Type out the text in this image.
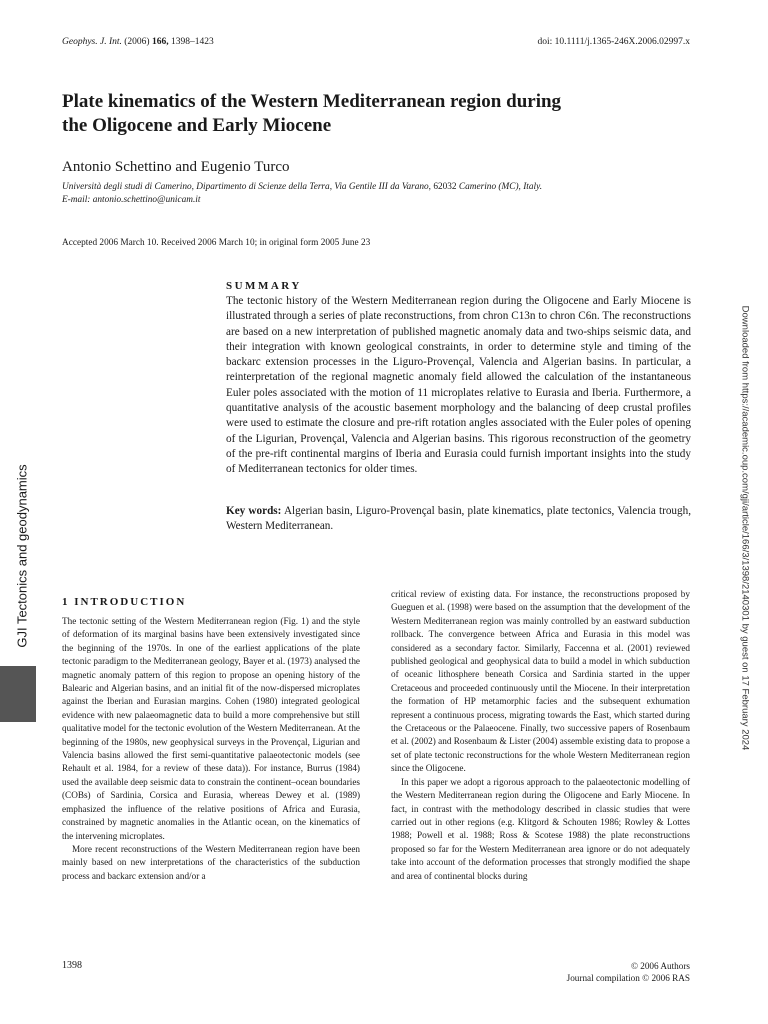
Geophys. J. Int. (2006) 166, 1398–1423	doi: 10.1111/j.1365-246X.2006.02997.x
Plate kinematics of the Western Mediterranean region during
the Oligocene and Early Miocene
Antonio Schettino and Eugenio Turco
Università degli studi di Camerino, Dipartimento di Scienze della Terra, Via Gentile III da Varano, 62032 Camerino (MC), Italy.
E-mail: antonio.schettino@unicam.it
Accepted 2006 March 10. Received 2006 March 10; in original form 2005 June 23
SUMMARY

The tectonic history of the Western Mediterranean region during the Oligocene and Early Miocene is illustrated through a series of plate reconstructions, from chron C13n to chron C6n. The reconstructions are based on a new interpretation of published magnetic anomaly data and two-ships seismic data, and their integration with known geological constraints, in order to determine style and timing of the backarc extension processes in the Liguro-Provençal, Valencia and Algerian basins. In particular, a reinterpretation of the regional magnetic anomaly field allowed the calculation of the instantaneous Euler poles associated with the motion of 11 microplates relative to Eurasia and Iberia. Furthermore, a quantitative analysis of the acoustic basement morphology and the balancing of deep crustal profiles were used to estimate the closure and pre-rift rotation angles associated with the Euler poles of opening of the Ligurian, Provençal, Valencia and Algerian basins. This rigorous reconstruction of the geometry of the pre-rift continental margins of Iberia and Eurasia could furnish important insights into the study of Mediterranean tectonics for older times.

Key words: Algerian basin, Liguro-Provençal basin, plate kinematics, plate tectonics, Valencia trough, Western Mediterranean.

GJI Tectonics and geodynamics	Downloaded from https://academic.oup.com/gji/article/166/3/1398/2140301 by guest on 17 February 2024
1 INTRODUCTION

The tectonic setting of the Western Mediterranean region (Fig. 1) and the style of deformation of its marginal basins have been extensively investigated since the beginning of the 1970s. In one of the earliest applications of the plate tectonic paradigm to the Mediterranean geology, Bayer et al. (1973) analysed the magnetic anomaly pattern of this region to propose an opening history of the Balearic and Algerian basins, and an initial fit of the now-dispersed microplates against the Iberian and Eurasian margins. Cohen (1980) integrated geological evidence with new palaeomagnetic data to build a more comprehensive but still qualitative model for the tectonic evolution of the Western Mediterranean. At the beginning of the 1980s, new geophysical surveys in the Provençal, Ligurian and Valencia basins allowed the first semi-quantitative palaeotectonic models (see Rehault et al. 1984, for a review of these data)). For instance, Burrus (1984) used the available deep seismic data to constrain the continent–ocean boundaries (COBs) of Sardinia, Corsica and Eurasia, whereas Dewey et al. (1989) emphasized the influence of the relative positions of Africa and Eurasia, constrained by magnetic anomalies in the Atlantic ocean, on the kinematics of the intervening microplates.

More recent reconstructions of the Western Mediterranean region have been mainly based on new interpretations of the characteristics of the subduction process and backarc extension and/or a

critical review of existing data. For instance, the reconstructions proposed by Gueguen et al. (1998) were based on the assumption that the development of the Western Mediterranean region was mainly controlled by an eastward subduction rollback. The convergence between Africa and Eurasia in this model was considered as a secondary factor. Similarly, Faccenna et al. (2001) reviewed published geological and geophysical data to build a model in which subduction of oceanic lithosphere beneath Corsica and Sardinia started in the upper Cretaceous and proceeded continuously until the Miocene. In their interpretation the formation of HP metamorphic facies and the subsequent exhumation represent a continuous process, migrating towards the East, which started during the Cretaceous or the Palaeocene. Finally, two successive papers of Rosenbaum et al. (2002) and Rosenbaum & Lister (2004) assemble existing data to propose a set of plate tectonic reconstructions for the whole Western Mediterranean region since the Oligocene.

In this paper we adopt a rigorous approach to the palaeotectonic modelling of the Western Mediterranean region during the Oligocene and Early Miocene. In fact, in contrast with the methodology described in classic studies that were carried out in other regions (e.g. Klitgord & Schouten 1986; Rowley & Lottes 1988; Powell et al. 1988; Ross & Scotese 1988) the plate reconstructions proposed so far for the Western Mediterranean area ignore or do not adequately take into account of the deformation processes that strongly modified the shape and area of continental blocks during

1398	© 2006 Authors
Journal compilation © 2006 RAS
